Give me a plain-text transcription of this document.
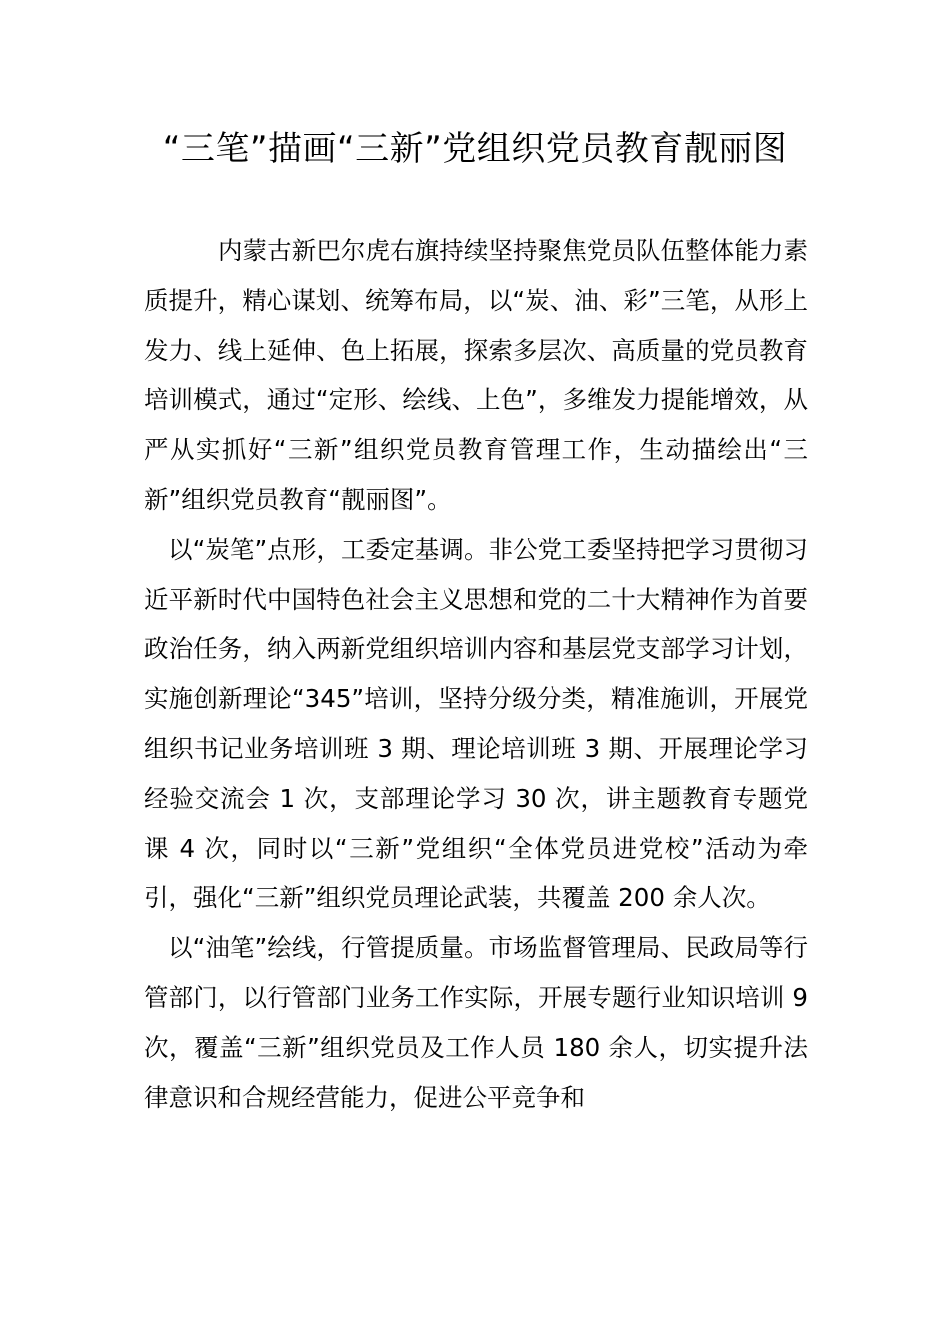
“三笔”描画“三新”党组织党员教育靓丽图

内蒙古新巴尔虎右旗持续坚持聚焦党员队伍整体能力素质提升，精心谋划、统筹布局，以“炭、油、彩”三笔，从形上发力、线上延伸、色上拓展，探索多层次、高质量的党员教育培训模式，通过“定形、绘线、上色”，多维发力提能增效，从严从实抓好“三新”组织党员教育管理工作，生动描绘出“三新”组织党员教育“靓丽图”。

以“炭笔”点形，工委定基调。非公党工委坚持把学习贯彻习近平新时代中国特色社会主义思想和党的二十大精神作为首要政治任务，纳入两新党组织培训内容和基层党支部学习计划，实施创新理论“345”培训，坚持分级分类，精准施训，开展党组织书记业务培训班 3 期、理论培训班 3 期、开展理论学习经验交流会 1 次，支部理论学习 30 次，讲主题教育专题党课 4 次，同时以“三新”党组织“全体党员进党校”活动为牵引，强化“三新”组织党员理论武装，共覆盖 200 余人次。

以“油笔”绘线，行管提质量。市场监督管理局、民政局等行管部门，以行管部门业务工作实际，开展专题行业知识培训 9 次，覆盖“三新”组织党员及工作人员 180 余人，切实提升法律意识和合规经营能力，促进公平竞争和
